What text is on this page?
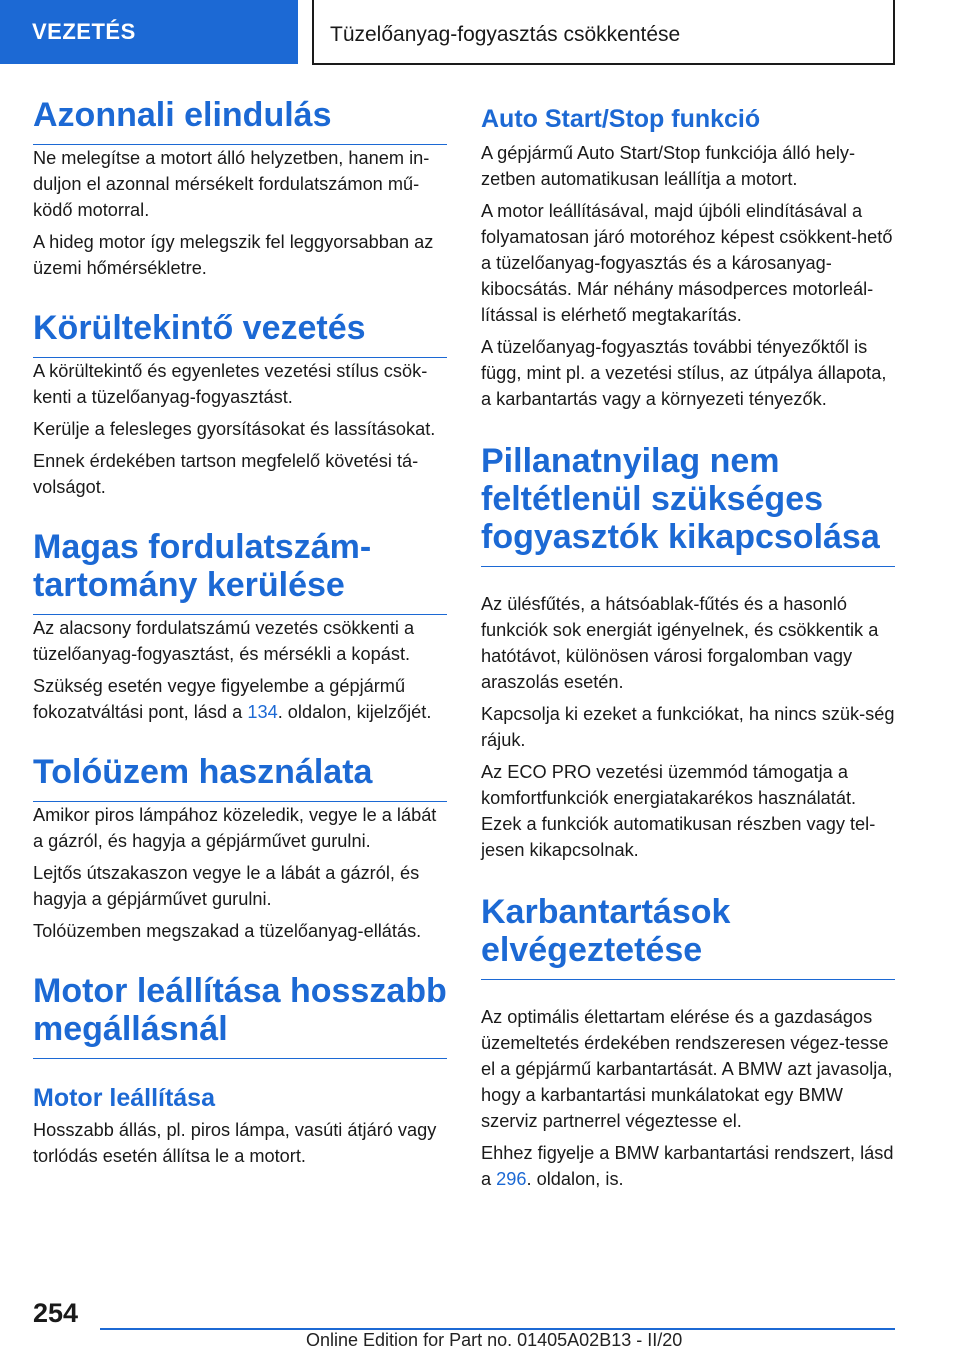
VEZETÉS	Tüzelőanyag-fogyasztás csökkentése
Azonnali elindulás

Ne melegítse a motort álló helyzetben, hanem in-duljon el azonnal mérsékelt fordulatszámon mű-ködő motorral.

A hideg motor így melegszik fel leggyorsabban az üzemi hőmérsékletre.

Körültekintő vezetés

A körültekintő és egyenletes vezetési stílus csök-kenti a tüzelőanyag-fogyasztást.

Kerülje a felesleges gyorsításokat és lassításokat.

Ennek érdekében tartson megfelelő követési tá-volságot.

Magas fordulatszám-
tartomány kerülése

Az alacsony fordulatszámú vezetés csökkenti a tüzelőanyag-fogyasztást, és mérsékli a kopást.

Szükség esetén vegye figyelembe a gépjármű fokozatváltási pont, lásd a 134. oldalon, kijelzőjét.

Tolóüzem használata

Amikor piros lámpához közeledik, vegye le a lábát a gázról, és hagyja a gépjárművet gurulni.

Lejtős útszakaszon vegye le a lábát a gázról, és hagyja a gépjárművet gurulni.

Tolóüzemben megszakad a tüzelőanyag-ellátás.

Motor leállítása hosszabb
megállásnál
Motor leállítása

Hosszabb állás, pl. piros lámpa, vasúti átjáró vagy torlódás esetén állítsa le a motort.

Auto Start/Stop funkció

A gépjármű Auto Start/Stop funkciója álló hely-zetben automatikusan leállítja a motort.

A motor leállításával, majd újbóli elindításával a folyamatosan járó motoréhoz képest csökkent-hető a tüzelőanyag-fogyasztás és a károsanyag-kibocsátás. Már néhány másodperces motorleál-lítással is elérhető megtakarítás.

A tüzelőanyag-fogyasztás további tényezőktől is függ, mint pl. a vezetési stílus, az útpálya állapota, a karbantartás vagy a környezeti tényezők.

Pillanatnyilag nem
feltétlenül szükséges
fogyasztók kikapcsolása

Az ülésfűtés, a hátsóablak-fűtés és a hasonló funkciók sok energiát igényelnek, és csökkentik a hatótávot, különösen városi forgalomban vagy araszolás esetén.

Kapcsolja ki ezeket a funkciókat, ha nincs szük-ség rájuk.

Az ECO PRO vezetési üzemmód támogatja a komfortfunkciók energiatakarékos használatát. Ezek a funkciók automatikusan részben vagy tel-jesen kikapcsolnak.

Karbantartások
elvégeztetése

Az optimális élettartam elérése és a gazdaságos üzemeltetés érdekében rendszeresen végez-tesse el a gépjármű karbantartását. A BMW azt javasolja, hogy a karbantartási munkálatokat egy BMW szerviz partnerrel végeztesse el.

Ehhez figyelje a BMW karbantartási rendszert, lásd a 296. oldalon, is.

254
Online Edition for Part no. 01405A02B13 - II/20
